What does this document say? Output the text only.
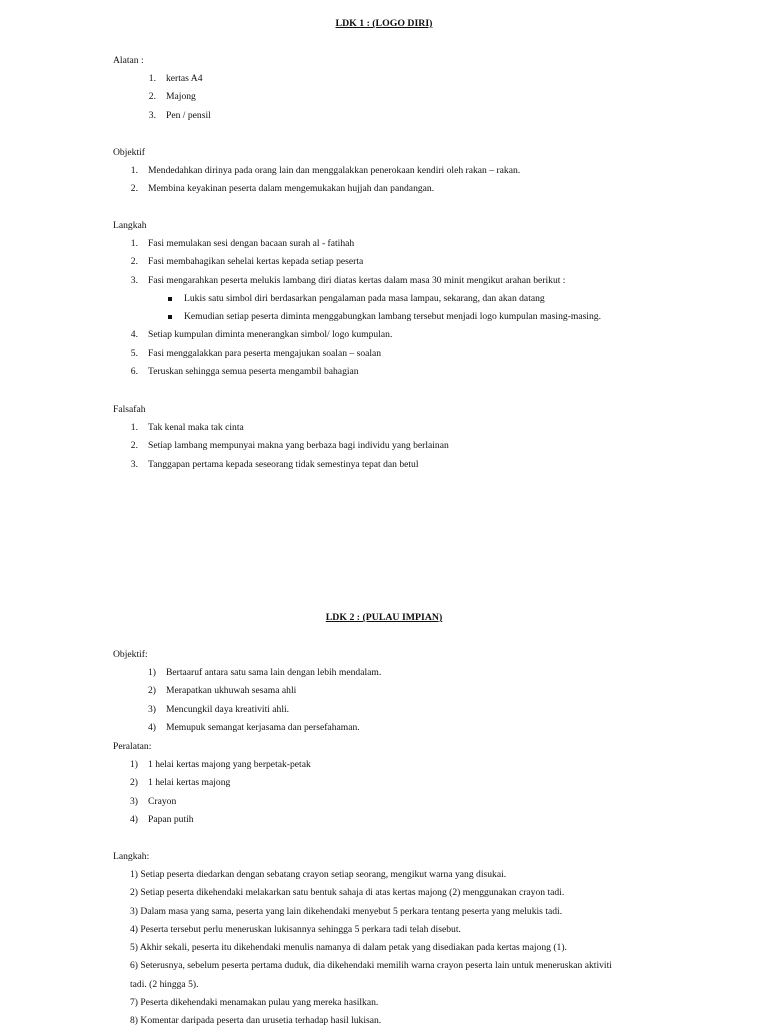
LDK 1 : (LOGO DIRI)
Alatan :
1. kertas A4
2. Majong
3. Pen / pensil
Objektif
1. Mendedahkan dirinya pada orang lain dan menggalakkan penerokaan kendiri oleh rakan – rakan.
2. Membina keyakinan peserta dalam mengemukakan hujjah dan pandangan.
Langkah
1. Fasi memulakan sesi dengan bacaan surah al - fatihah
2. Fasi membahagikan sehelai kertas kepada setiap peserta
3. Fasi mengarahkan peserta melukis lambang diri diatas kertas dalam masa 30 minit mengikut arahan berikut :
Lukis satu simbol diri berdasarkan pengalaman pada masa lampau, sekarang, dan akan datang
Kemudian setiap peserta diminta menggabungkan lambang tersebut menjadi logo kumpulan masing-masing.
4. Setiap kumpulan diminta menerangkan simbol/ logo kumpulan.
5. Fasi menggalakkan para peserta mengajukan soalan – soalan
6. Teruskan sehingga semua peserta mengambil bahagian
Falsafah
1. Tak kenal maka tak cinta
2. Setiap lambang mempunyai makna yang berbaza bagi individu yang berlainan
3. Tanggapan pertama kepada seseorang tidak semestinya tepat dan betul
LDK 2 : (PULAU IMPIAN)
Objektif:
1) Bertaaruf antara satu sama lain dengan lebih mendalam.
2) Merapatkan ukhuwah sesama ahli
3) Mencungkil daya kreativiti ahli.
4) Memupuk semangat kerjasama dan persefahaman.
Peralatan:
1) 1 helai kertas majong yang berpetak-petak
2) 1 helai kertas majong
3) Crayon
4) Papan putih
Langkah:
1) Setiap peserta diedarkan dengan sebatang crayon setiap seorang, mengikut warna yang disukai.
2) Setiap peserta dikehendaki melakarkan satu bentuk sahaja di atas kertas majong (2) menggunakan crayon tadi.
3) Dalam masa yang sama, peserta yang lain dikehendaki menyebut 5 perkara tentang peserta yang melukis tadi.
4) Peserta tersebut perlu meneruskan lukisannya sehingga 5 perkara tadi telah disebut.
5) Akhir sekali, peserta itu dikehendaki menulis namanya di dalam petak yang disediakan pada kertas majong (1).
6) Seterusnya, sebelum peserta pertama duduk, dia dikehendaki memilih warna crayon peserta lain untuk meneruskan aktiviti
tadi. (2 hingga 5).
7) Peserta dikehendaki menamakan pulau yang mereka hasilkan.
8) Komentar daripada peserta dan urusetia terhadap hasil lukisan.
